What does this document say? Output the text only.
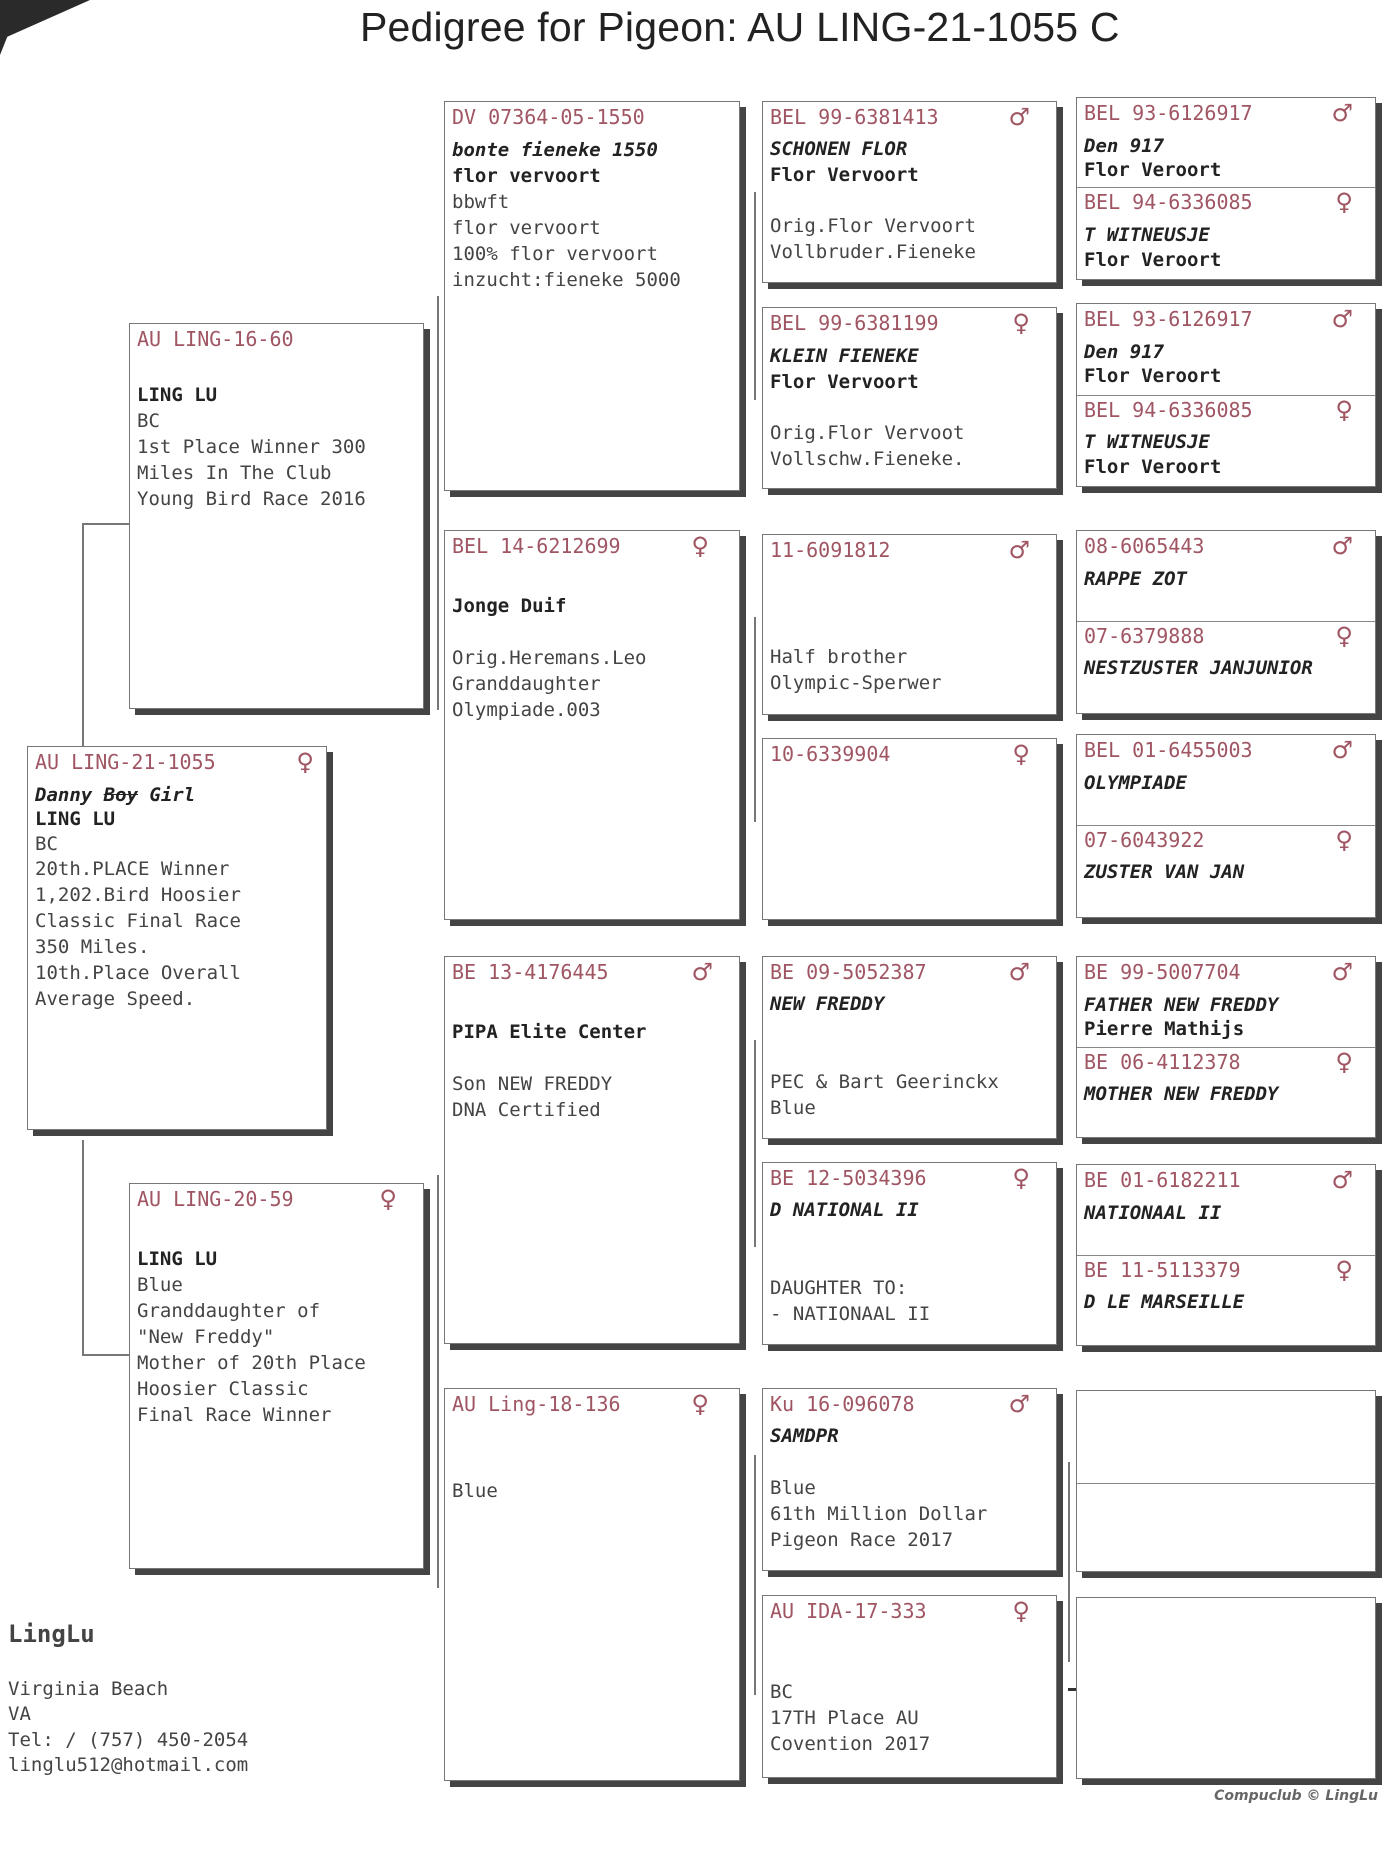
Pedigree for Pigeon: AU LING-21-1055 C
AU LING-21-1055	♀
Danny Boy Girl
LING LU
BC
20th.PLACE Winner
1,202.Bird Hoosier
Classic Final Race
350 Miles.
10th.Place Overall
Average Speed.
AU LING-16-60
LING LU
BC
1st Place Winner 300
Miles In The Club
Young Bird Race 2016
AU LING-20-59	♀
LING LU
Blue
Granddaughter of
"New Freddy"
Mother of 20th Place
Hoosier Classic
Final Race Winner
DV 07364-05-1550
bonte fieneke 1550
flor vervoort
bbwft
flor vervoort
100% flor vervoort
inzucht:fieneke 5000
BEL 14-6212699	♀
Jonge Duif
Orig.Heremans.Leo
Granddaughter
Olympiade.003
BE 13-4176445	♂
PIPA Elite Center
Son NEW FREDDY
DNA Certified
AU Ling-18-136	♀
Blue
BEL 99-6381413	♂
SCHONEN FLOR
Flor Vervoort
Orig.Flor Vervoort
Vollbruder.Fieneke
BEL 99-6381199	♀
KLEIN FIENEKE
Flor Vervoort
Orig.Flor Vervoot
Vollschw.Fieneke.
11-6091812	♂
Half brother
Olympic-Sperwer
10-6339904	♀
BE 09-5052387	♂
NEW FREDDY
PEC & Bart Geerinckx
Blue
BE 12-5034396	♀
D NATIONAL II
DAUGHTER TO:
- NATIONAAL II
Ku 16-096078	♂
SAMDPR
Blue
61th Million Dollar
Pigeon Race 2017
AU IDA-17-333	♀
BC
17TH Place AU
Covention 2017
BEL 93-6126917	♂
Den 917
Flor Veroort
BEL 94-6336085	♀
T WITNEUSJE
Flor Veroort
BEL 93-6126917	♂
Den 917
Flor Veroort
BEL 94-6336085	♀
T WITNEUSJE
Flor Veroort
08-6065443	♂
RAPPE ZOT
07-6379888	♀
NESTZUSTER JANJUNIOR
BEL 01-6455003	♂
OLYMPIADE
07-6043922	♀
ZUSTER VAN JAN
BE 99-5007704	♂
FATHER NEW FREDDY
Pierre Mathijs
BE 06-4112378	♀
MOTHER NEW FREDDY
BE 01-6182211	♂
NATIONAAL II
BE 11-5113379	♀
D LE MARSEILLE
LingLu
Virginia Beach
VA
Tel: / (757) 450-2054
linglu512@hotmail.com
Compuclub © LingLu
